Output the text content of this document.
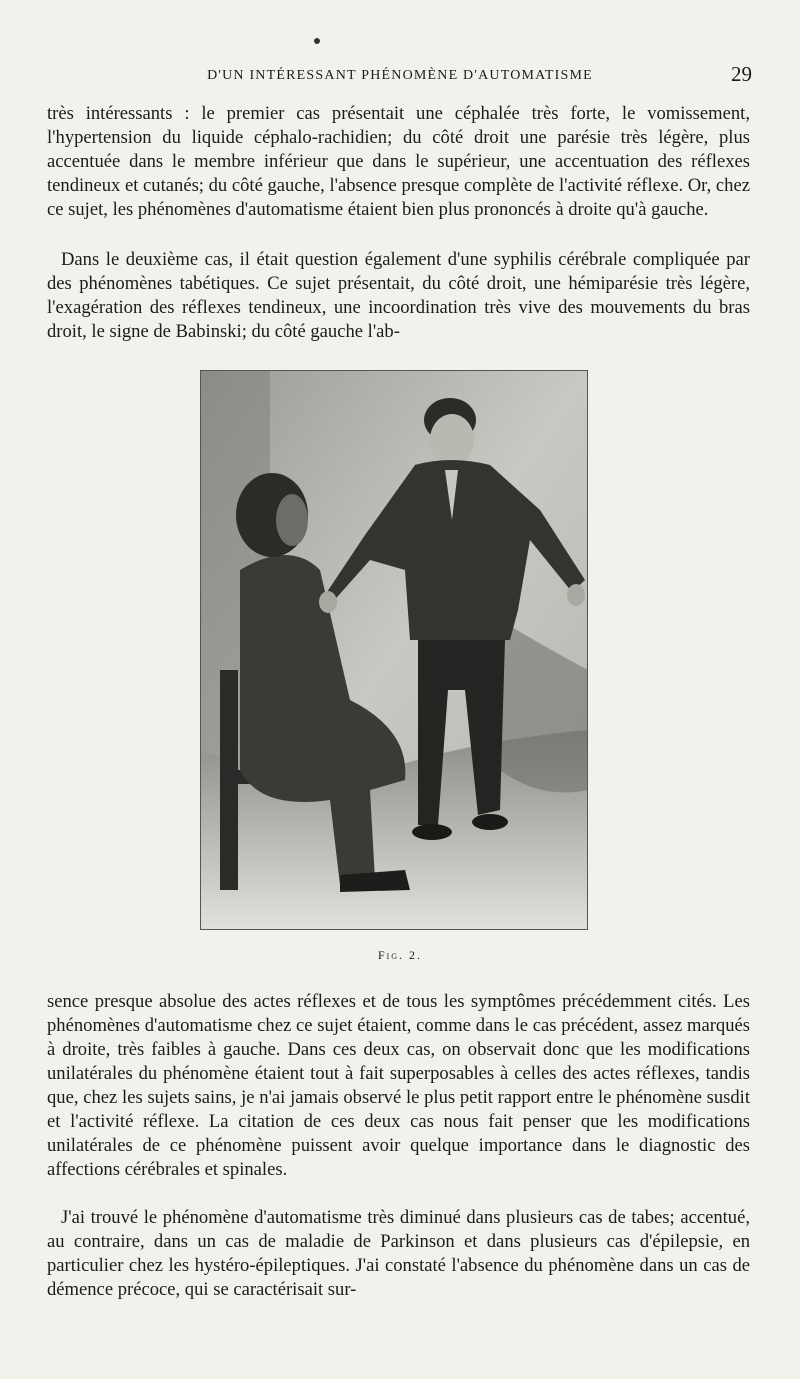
D'UN INTÉRESSANT PHÉNOMÈNE D'AUTOMATISME	29

très intéressants : le premier cas présentait une céphalée très forte, le vomissement, l'hypertension du liquide céphalo-rachidien; du côté droit une parésie très légère, plus accentuée dans le membre inférieur que dans le supérieur, une accentuation des réflexes tendineux et cutanés; du côté gauche, l'absence presque complète de l'activité réflexe. Or, chez ce sujet, les phénomènes d'automatisme étaient bien plus prononcés à droite qu'à gauche.

Dans le deuxième cas, il était question également d'une syphilis cérébrale compliquée par des phénomènes tabétiques. Ce sujet présentait, du côté droit, une hémiparésie très légère, l'exagération des réflexes tendineux, une incoordination très vive des mouvements du bras droit, le signe de Babinski; du côté gauche l'ab-

Fig. 2.

sence presque absolue des actes réflexes et de tous les symptômes précédemment cités. Les phénomènes d'automatisme chez ce sujet étaient, comme dans le cas précédent, assez marqués à droite, très faibles à gauche. Dans ces deux cas, on observait donc que les modifications unilatérales du phénomène étaient tout à fait superposables à celles des actes réflexes, tandis que, chez les sujets sains, je n'ai jamais observé le plus petit rapport entre le phénomène susdit et l'activité réflexe. La citation de ces deux cas nous fait penser que les modifications unilatérales de ce phénomène puissent avoir quelque importance dans le diagnostic des affections cérébrales et spinales.

J'ai trouvé le phénomène d'automatisme très diminué dans plusieurs cas de tabes; accentué, au contraire, dans un cas de maladie de Parkinson et dans plusieurs cas d'épilepsie, en particulier chez les hystéro-épileptiques. J'ai constaté l'absence du phénomène dans un cas de démence précoce, qui se caractérisait sur-
